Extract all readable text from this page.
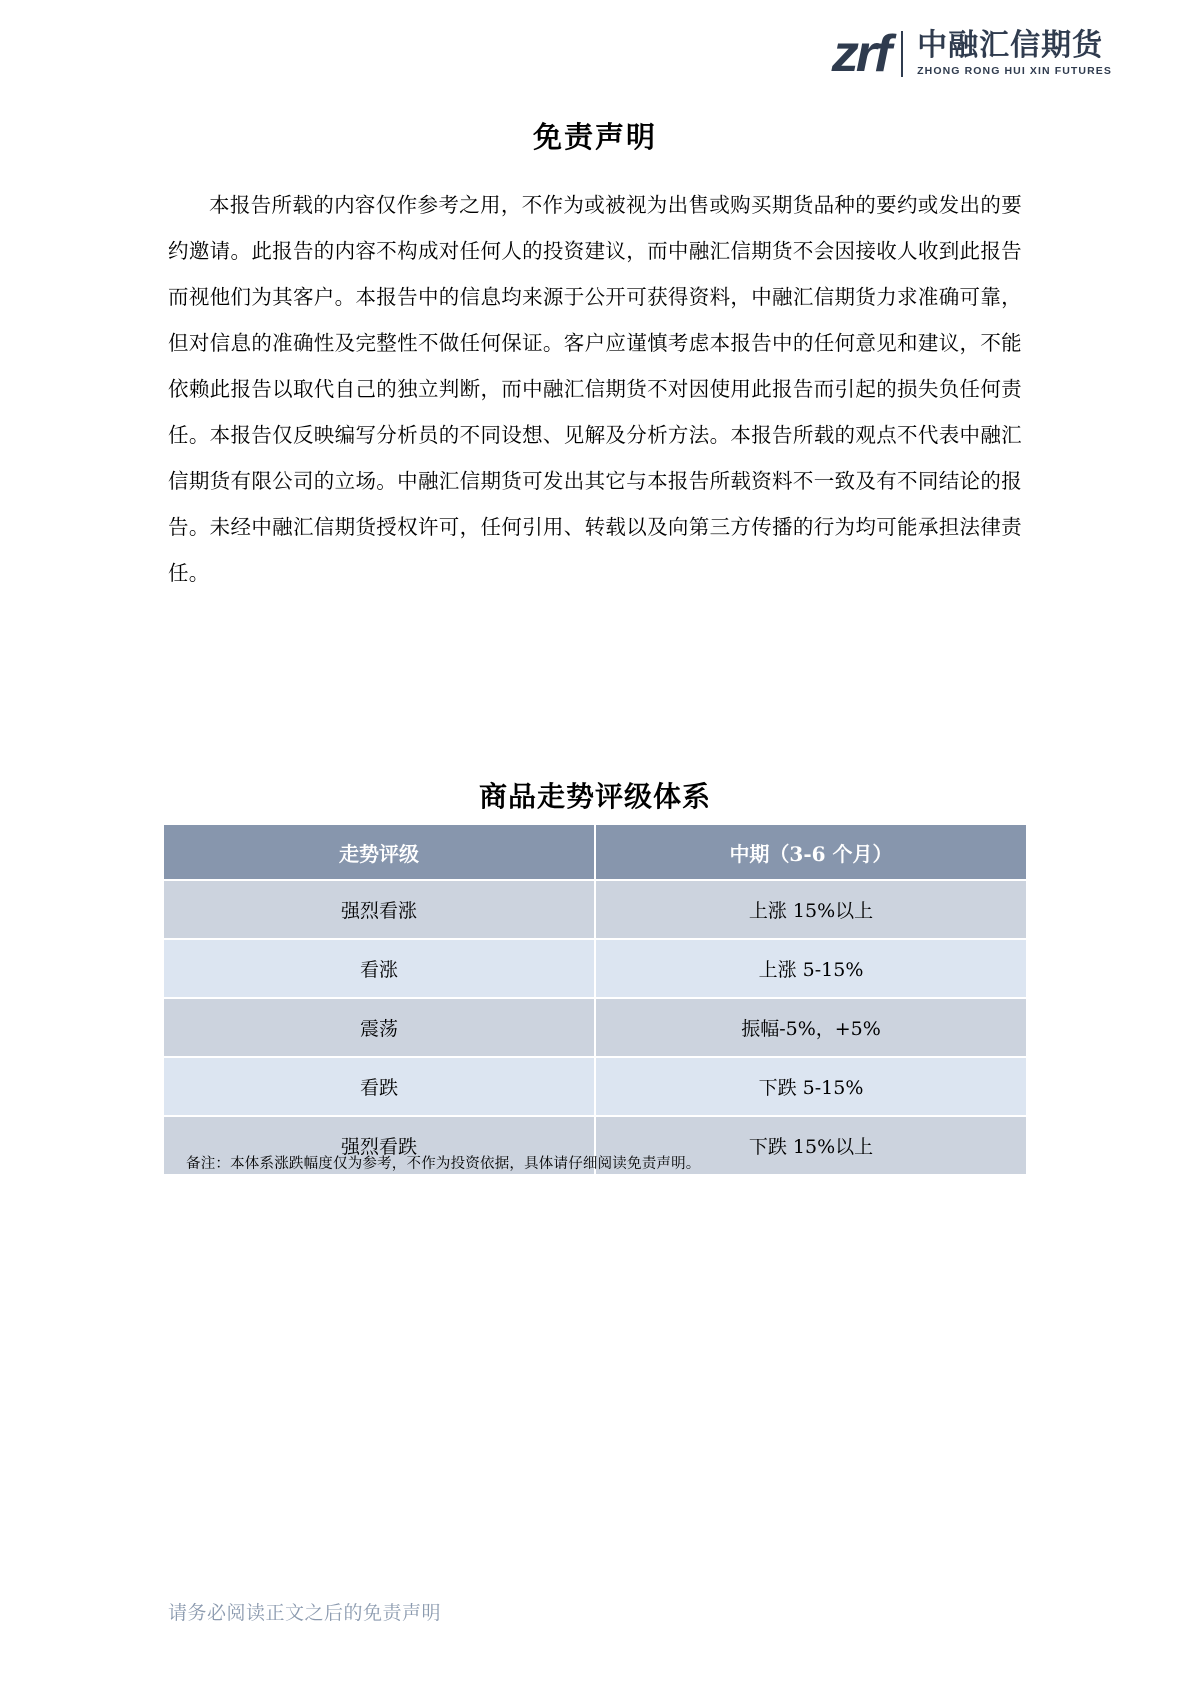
zrf 中融汇信期货
ZHONG RONG HUI XIN FUTURES
免责声明

本报告所载的内容仅作参考之用，不作为或被视为出售或购买期货品种的要约或发出的要约邀请。此报告的内容不构成对任何人的投资建议，而中融汇信期货不会因接收人收到此报告而视他们为其客户。本报告中的信息均来源于公开可获得资料，中融汇信期货力求准确可靠，但对信息的准确性及完整性不做任何保证。客户应谨慎考虑本报告中的任何意见和建议，不能依赖此报告以取代自己的独立判断，而中融汇信期货不对因使用此报告而引起的损失负任何责任。本报告仅反映编写分析员的不同设想、见解及分析方法。本报告所载的观点不代表中融汇信期货有限公司的立场。中融汇信期货可发出其它与本报告所载资料不一致及有不同结论的报告。未经中融汇信期货授权许可，任何引用、转载以及向第三方传播的行为均可能承担法律责任。

商品走势评级体系
走势评级	中期（3-6 个月）
强烈看涨	上涨 15%以上
看涨	上涨 5-15%
震荡	振幅-5%，+5%
看跌	下跌 5-15%
强烈看跌	下跌 15%以上
备注：本体系涨跌幅度仅为参考，不作为投资依据，具体请仔细阅读免责声明。
请务必阅读正文之后的免责声明
